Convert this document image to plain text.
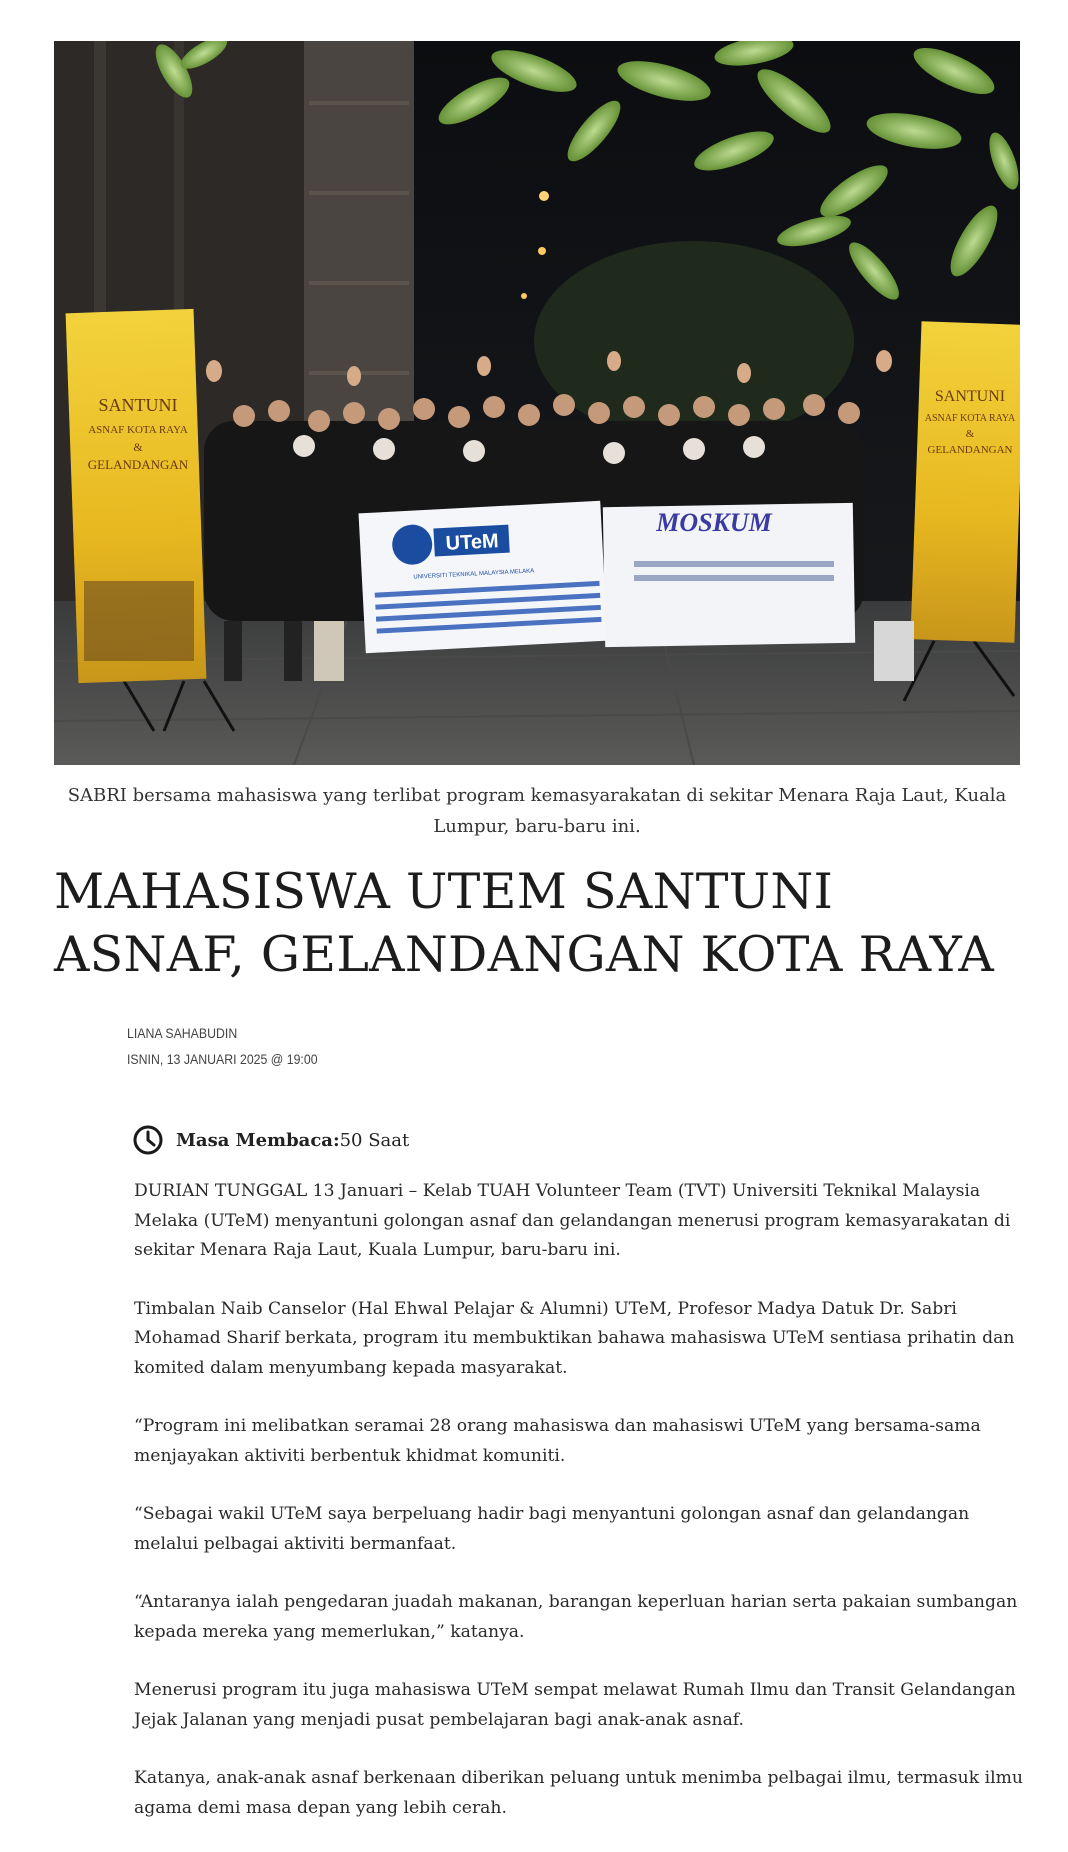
SANTUNI
ASNAF KOTA RAYA
&
GELANDANGAN
SANTUNI
ASNAF KOTA RAYA
&
GELANDANGAN
UTeM
UNIVERSITI TEKNIKAL MALAYSIA MELAKA
MOSKUM
SABRI bersama mahasiswa yang terlibat program kemasyarakatan di sekitar Menara Raja Laut, Kuala Lumpur, baru-baru ini.
MAHASISWA UTEM SANTUNI ASNAF, GELANDANGAN KOTA RAYA
LIANA SAHABUDIN
ISNIN, 13 JANUARI 2025 @ 19:00
Masa Membaca: 50 Saat

DURIAN TUNGGAL 13 Januari – Kelab TUAH Volunteer Team (TVT) Universiti Teknikal Malaysia Melaka (UTeM) menyantuni golongan asnaf dan gelandangan menerusi program kemasyarakatan di sekitar Menara Raja Laut, Kuala Lumpur, baru-baru ini.

Timbalan Naib Canselor (Hal Ehwal Pelajar & Alumni) UTeM, Profesor Madya Datuk Dr. Sabri Mohamad Sharif berkata, program itu membuktikan bahawa mahasiswa UTeM sentiasa prihatin dan komited dalam menyumbang kepada masyarakat.

“Program ini melibatkan seramai 28 orang mahasiswa dan mahasiswi UTeM yang bersama-sama menjayakan aktiviti berbentuk khidmat komuniti.

“Sebagai wakil UTeM saya berpeluang hadir bagi menyantuni golongan asnaf dan gelandangan melalui pelbagai aktiviti bermanfaat.

“Antaranya ialah pengedaran juadah makanan, barangan keperluan harian serta pakaian sumbangan kepada mereka yang memerlukan,” katanya.

Menerusi program itu juga mahasiswa UTeM sempat melawat Rumah Ilmu dan Transit Gelandangan Jejak Jalanan yang menjadi pusat pembelajaran bagi anak-anak asnaf.

Katanya, anak-anak asnaf berkenaan diberikan peluang untuk menimba pelbagai ilmu, termasuk ilmu agama demi masa depan yang lebih cerah.
